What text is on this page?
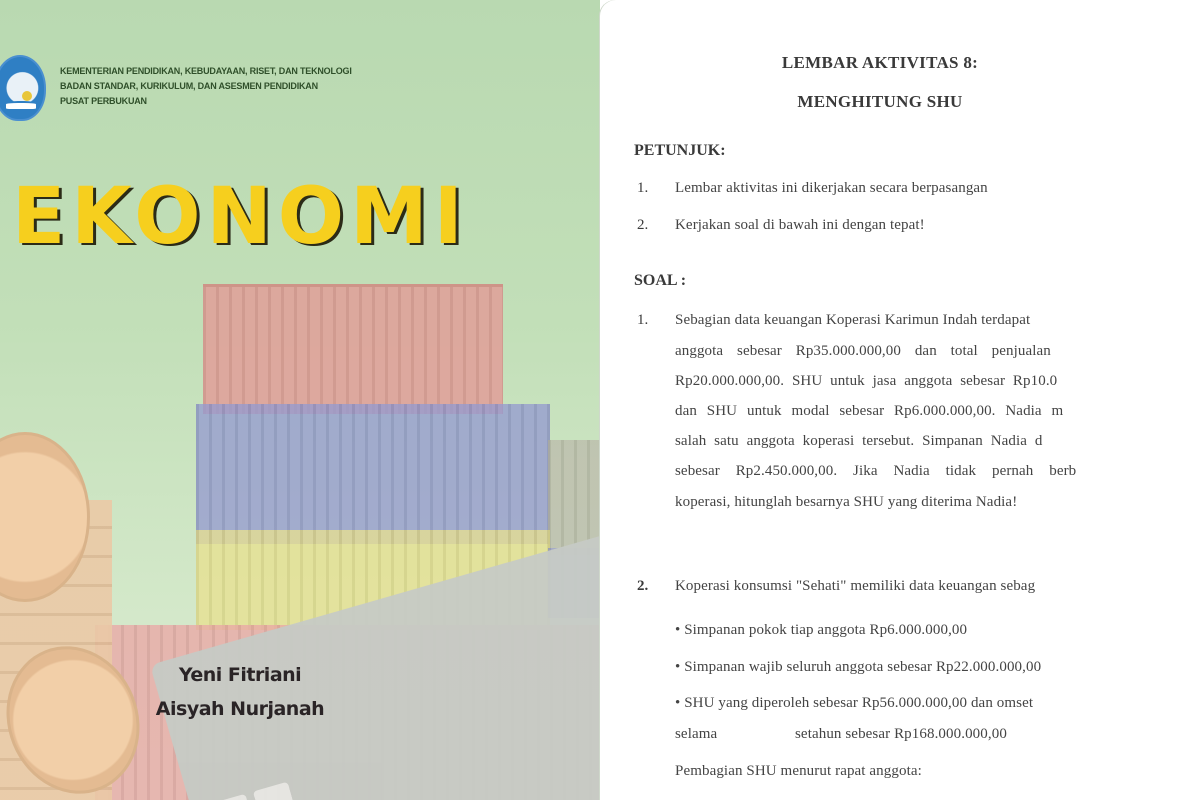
KEMENTERIAN PENDIDIKAN, KEBUDAYAAN, RISET, DAN TEKNOLOGI
BADAN STANDAR, KURIKULUM, DAN ASESMEN PENDIDIKAN
PUSAT PERBUKUAN
EKONOMI
Yeni Fitriani
Aisyah Nurjanah
LEMBAR AKTIVITAS 8:
MENGHITUNG SHU
PETUNJUK:
1. Lembar aktivitas ini dikerjakan secara berpasangan
2. Kerjakan soal di bawah ini dengan tepat!
SOAL :
1. Sebagian data keuangan Koperasi Karimun Indah terdapat
anggota sebesar Rp35.000.000,00 dan total penjualan
Rp20.000.000,00. SHU untuk jasa anggota sebesar Rp10.0
dan SHU untuk modal sebesar Rp6.000.000,00. Nadia m
salah satu anggota koperasi tersebut. Simpanan Nadia d
sebesar Rp2.450.000,00. Jika Nadia tidak pernah berb
koperasi, hitunglah besarnya SHU yang diterima Nadia!
2. Koperasi konsumsi "Sehati" memiliki data keuangan sebag
• Simpanan pokok tiap anggota Rp6.000.000,00
• Simpanan wajib seluruh anggota sebesar Rp22.000.000,00
• SHU yang diperoleh sebesar Rp56.000.000,00 dan omset
selama	setahun sebesar Rp168.000.000,00
Pembagian SHU menurut rapat anggota:
